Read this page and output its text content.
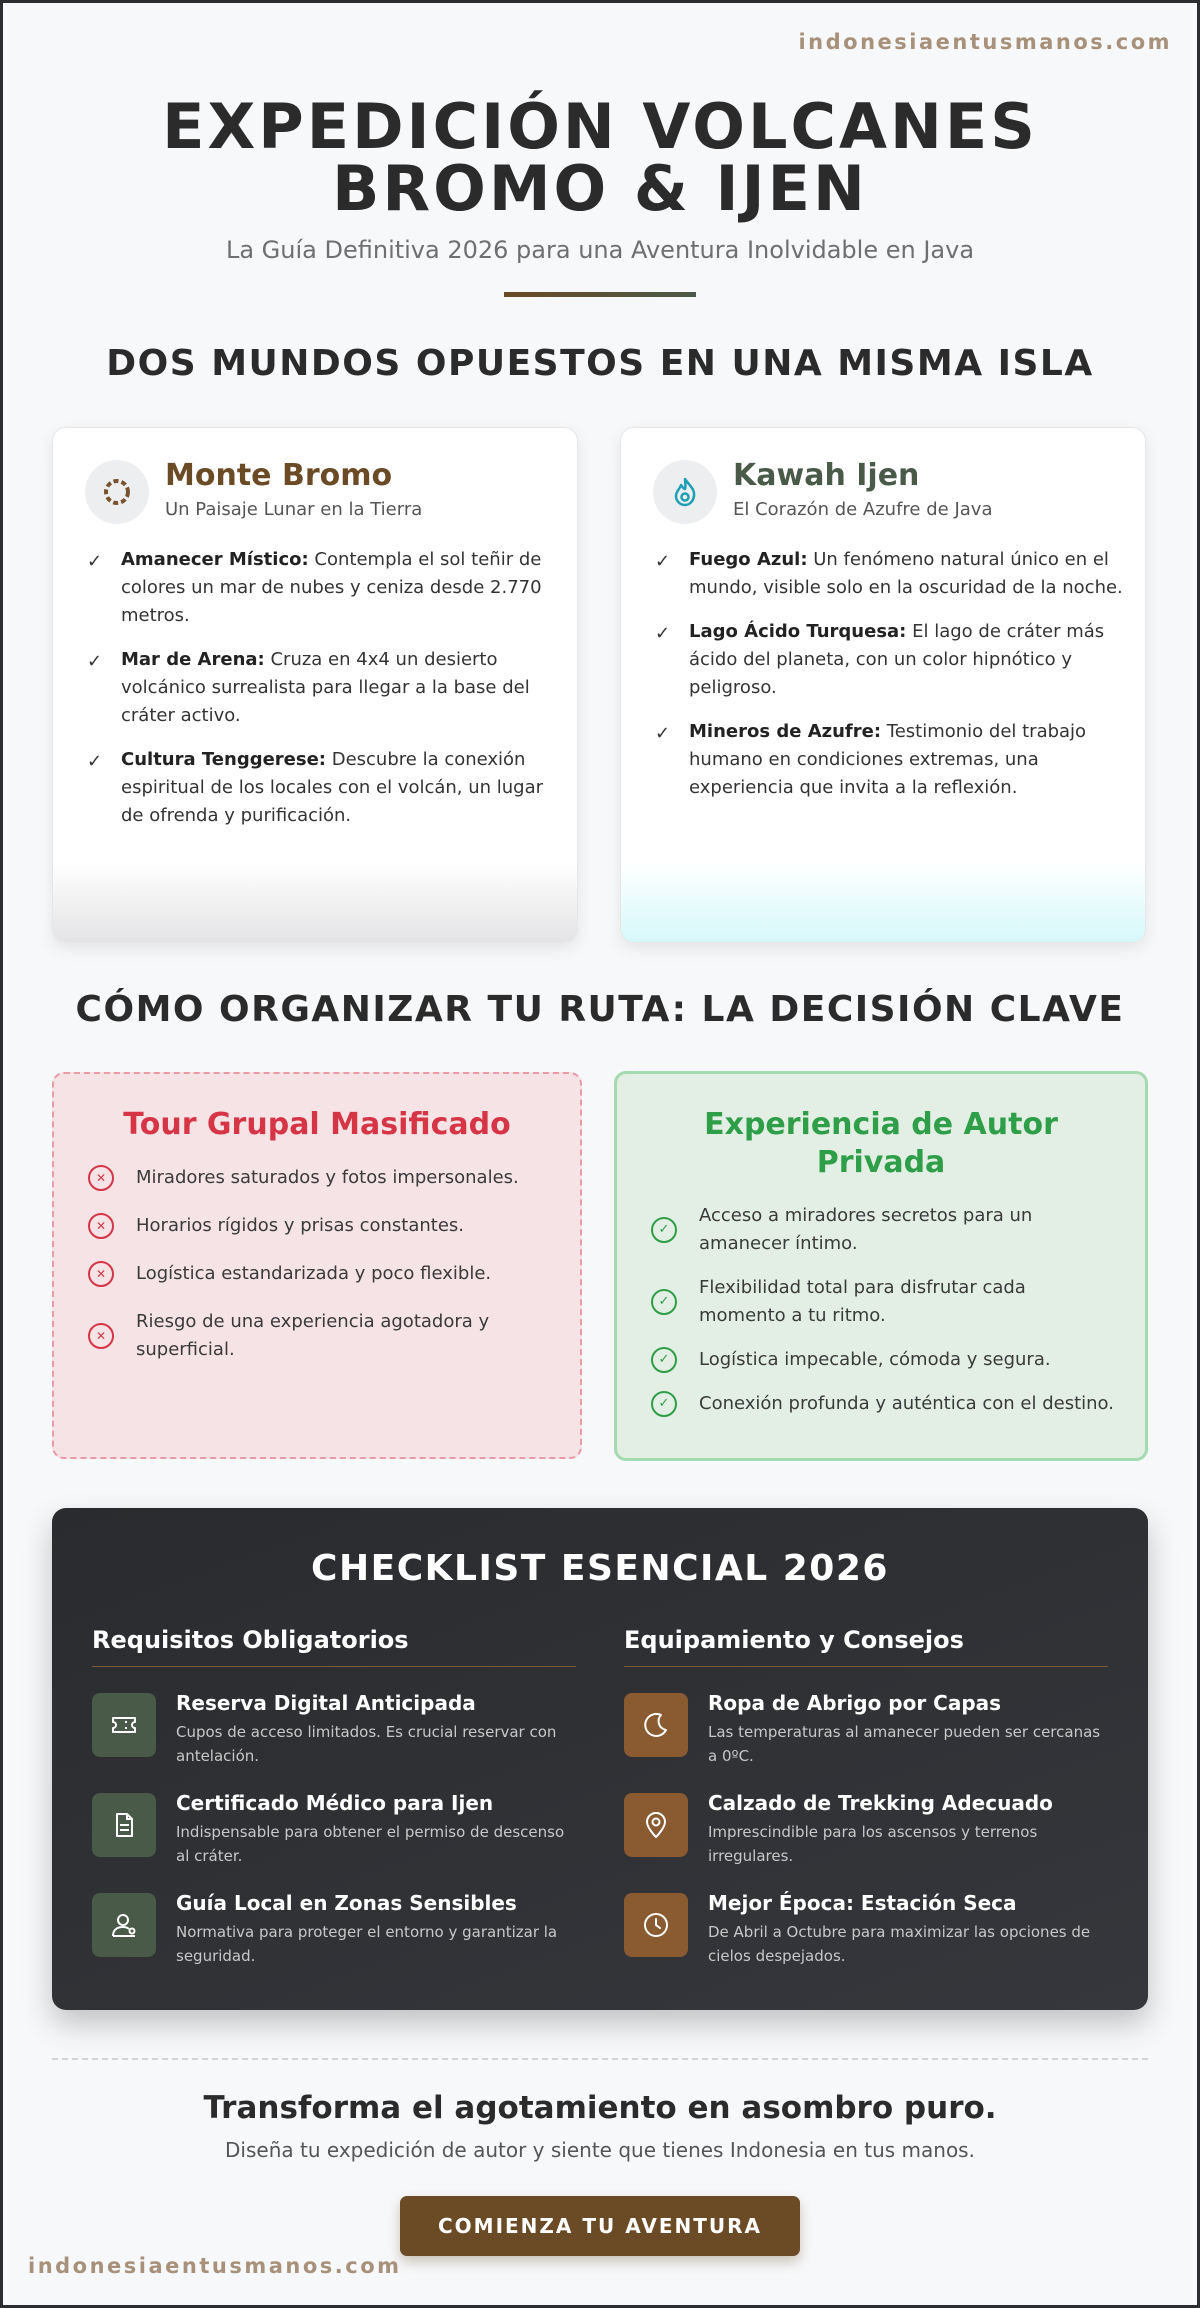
indonesiaentusmanos.com
EXPEDICIÓN VOLCANES
BROMO & IJEN
La Guía Definitiva 2026 para una Aventura Inolvidable en Java
DOS MUNDOS OPUESTOS EN UNA MISMA ISLA
Monte Bromo
Un Paisaje Lunar en la Tierra
✓ Amanecer Místico: Contempla el sol teñir de colores un mar de nubes y ceniza desde 2.770 metros.
✓ Mar de Arena: Cruza en 4x4 un desierto volcánico surrealista para llegar a la base del cráter activo.
✓ Cultura Tenggerese: Descubre la conexión espiritual de los locales con el volcán, un lugar de ofrenda y purificación.
Kawah Ijen
El Corazón de Azufre de Java
✓ Fuego Azul: Un fenómeno natural único en el mundo, visible solo en la oscuridad de la noche.
✓ Lago Ácido Turquesa: El lago de cráter más ácido del planeta, con un color hipnótico y peligroso.
✓ Mineros de Azufre: Testimonio del trabajo humano en condiciones extremas, una experiencia que invita a la reflexión.
CÓMO ORGANIZAR TU RUTA: LA DECISIÓN CLAVE
Tour Grupal Masificado
✕	Miradores saturados y fotos impersonales.
✕	Horarios rígidos y prisas constantes.
✕	Logística estandarizada y poco flexible.
✕
Riesgo de una experiencia agotadora y superficial.
Experiencia de Autor
Privada
✓
Acceso a miradores secretos para un amanecer íntimo.
✓
Flexibilidad total para disfrutar cada momento a tu ritmo.
✓	Logística impecable, cómoda y segura.
✓	Conexión profunda y auténtica con el destino.
CHECKLIST ESENCIAL 2026
Requisitos Obligatorios
Reserva Digital Anticipada
Cupos de acceso limitados. Es crucial reservar con antelación.
Certificado Médico para Ijen
Indispensable para obtener el permiso de descenso al cráter.
Guía Local en Zonas Sensibles
Normativa para proteger el entorno y garantizar la seguridad.
Equipamiento y Consejos
Ropa de Abrigo por Capas
Las temperaturas al amanecer pueden ser cercanas a 0ºC.
Calzado de Trekking Adecuado
Imprescindible para los ascensos y terrenos irregulares.
Mejor Época: Estación Seca
De Abril a Octubre para maximizar las opciones de cielos despejados.
Transforma el agotamiento en asombro puro.
Diseña tu expedición de autor y siente que tienes Indonesia en tus manos.
COMIENZA TU AVENTURA
indonesiaentusmanos.com
